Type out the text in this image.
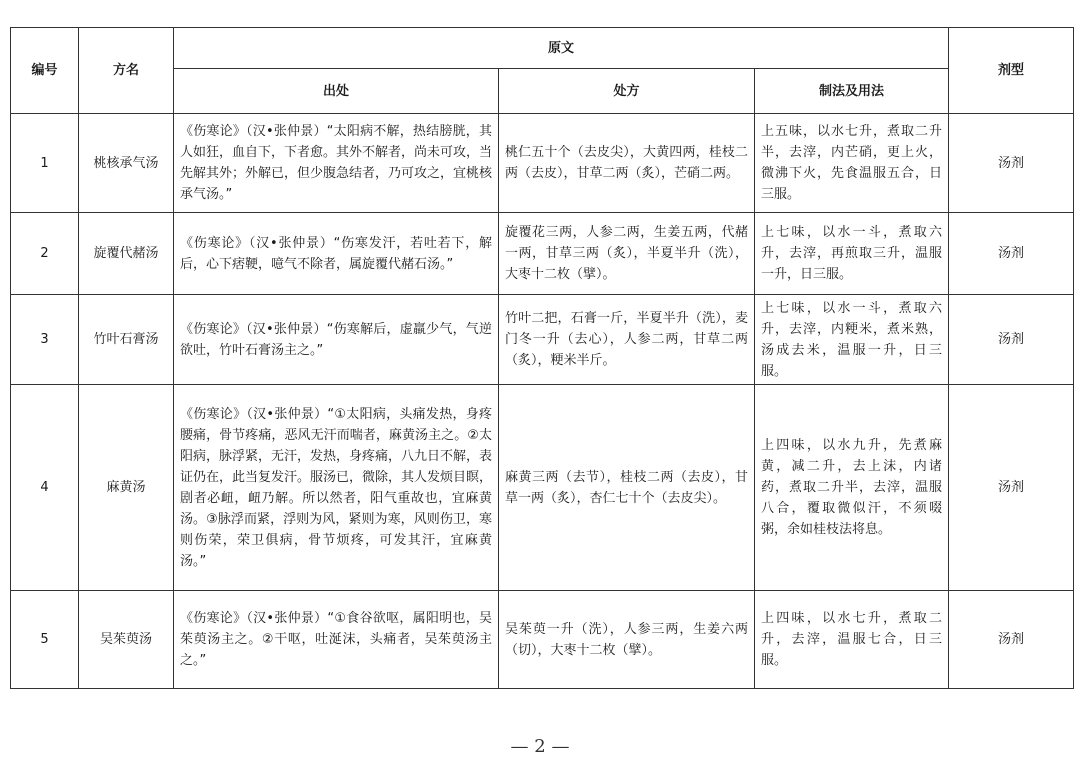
编号	方名	原文			剂型
		出处	处方	制法及用法	
1	桃核承气汤	《伤寒论》（汉•张仲景）“太阳病不解，热结膀胱，其人如狂，血自下，下者愈。其外不解者，尚未可攻，当先解其外；外解已，但少腹急结者，乃可攻之，宜桃核承气汤。”	桃仁五十个（去皮尖），大黄四两，桂枝二两（去皮），甘草二两（炙），芒硝二两。	上五味，以水七升，煮取二升半，去滓，内芒硝，更上火，微沸下火，先食温服五合，日三服。	汤剂
2	旋覆代赭汤	《伤寒论》（汉•张仲景）“伤寒发汗，若吐若下，解后，心下痞鞕，噫气不除者，属旋覆代赭石汤。”	旋覆花三两，人参二两，生姜五两，代赭一两，甘草三两（炙），半夏半升（洗），大枣十二枚（擘）。	上七味，以水一斗，煮取六升，去滓，再煎取三升，温服一升，日三服。	汤剂
3	竹叶石膏汤	《伤寒论》（汉•张仲景）“伤寒解后，虚羸少气，气逆欲吐，竹叶石膏汤主之。”	竹叶二把，石膏一斤，半夏半升（洗），麦门冬一升（去心），人参二两，甘草二两（炙），粳米半斤。	上七味，以水一斗，煮取六升，去滓，内粳米，煮米熟，汤成去米，温服一升，日三服。	汤剂
4	麻黄汤	《伤寒论》（汉•张仲景）“①太阳病，头痛发热，身疼腰痛，骨节疼痛，恶风无汗而喘者，麻黄汤主之。②太阳病，脉浮紧，无汗，发热，身疼痛，八九日不解，表证仍在，此当复发汗。服汤已，微除，其人发烦目瞑，剧者必衄，衄乃解。所以然者，阳气重故也，宜麻黄汤。③脉浮而紧，浮则为风，紧则为寒，风则伤卫，寒则伤荣，荣卫俱病，骨节烦疼，可发其汗，宜麻黄汤。”	麻黄三两（去节），桂枝二两（去皮），甘草一两（炙），杏仁七十个（去皮尖）。	上四味，以水九升，先煮麻黄，减二升，去上沫，内诸药，煮取二升半，去滓，温服八合，覆取微似汗，不须啜粥，余如桂枝法将息。	汤剂
5	吴茱萸汤	《伤寒论》（汉•张仲景）“①食谷欲呕，属阳明也，吴茱萸汤主之。②干呕，吐涎沫，头痛者，吴茱萸汤主之。”	吴茱萸一升（洗），人参三两，生姜六两（切），大枣十二枚（擘）。	上四味，以水七升，煮取二升，去滓，温服七合，日三服。	汤剂
— 2 —
